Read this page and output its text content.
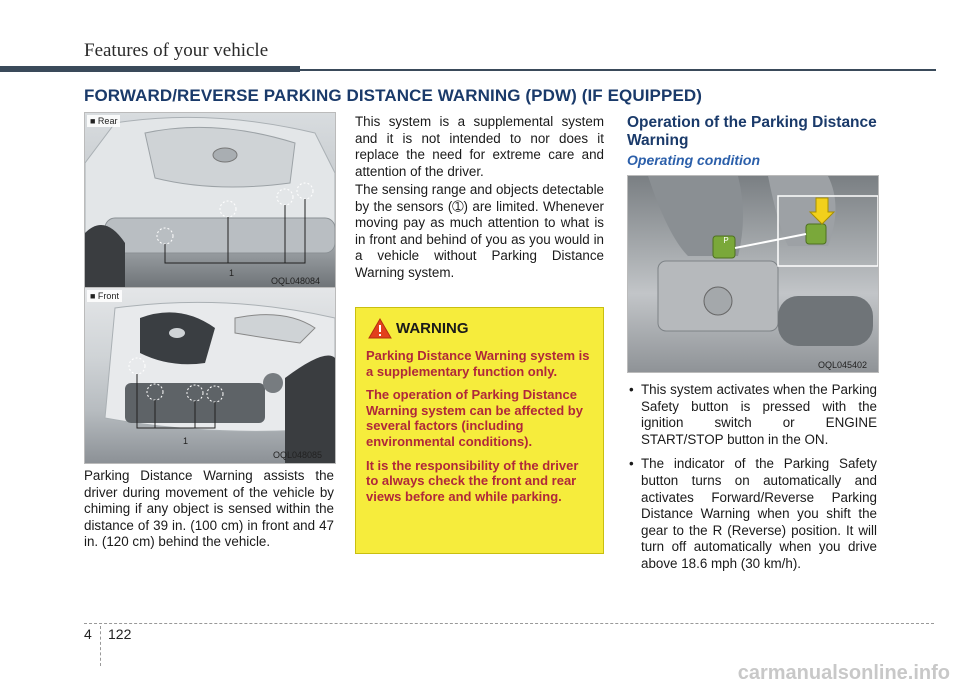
Features of your vehicle
FORWARD/REVERSE PARKING DISTANCE WARNING (PDW) (IF EQUIPPED)
■ Rear
1
OQL048084
■ Front
1
OQL048085
Parking Distance Warning assists the driver during movement of the vehicle by chiming if any object is sensed within the distance of 39 in. (100 cm) in front and 47 in. (120 cm) behind the vehicle.
This system is a supplemental system and it is not intended to nor does it replace the need for extreme care and attention of the driver.
The sensing range and objects detectable by the sensors (➀) are limited. Whenever moving pay as much attention to what is in front and behind of you as you would in a vehicle without Parking Distance Warning system.
WARNING
Parking Distance Warning system is a supplementary function only.
The operation of Parking Distance Warning system can be affected by several factors (including environmental conditions).
It is the responsibility of the driver to always check the front and rear views before and while parking.
Operation of the Parking Distance Warning
Operating condition
P
OQL045402
• This system activates when the Parking Safety button is pressed with the ignition switch or ENGINE START/STOP button in the ON.
• The indicator of the Parking Safety button turns on automatically and activates Forward/Reverse Parking Distance Warning when you shift the gear to the R (Reverse) position. It will turn off automatically when you drive above 18.6 mph (30 km/h).
4 122
carmanualsonline.info
